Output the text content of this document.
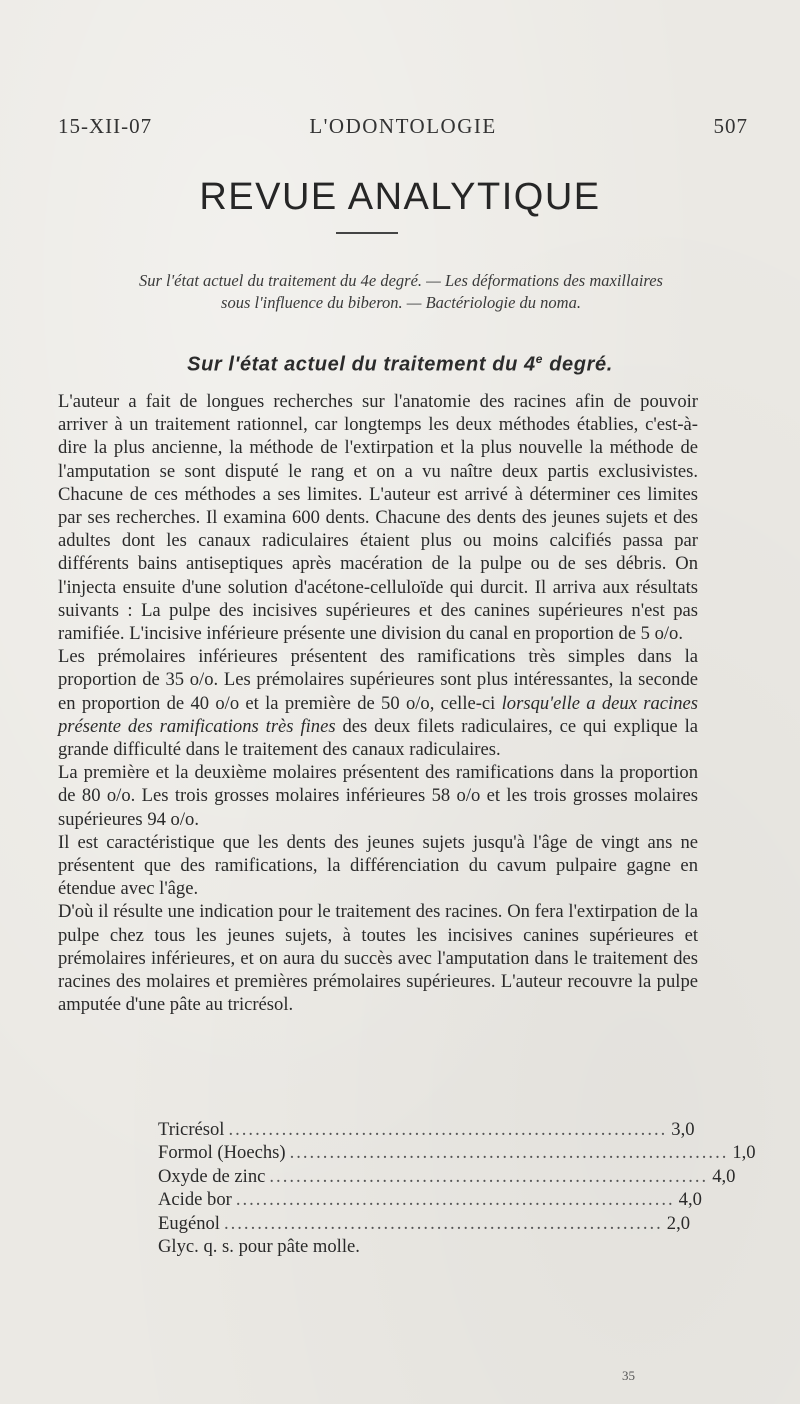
15-XII-07	L'ODONTOLOGIE	507
REVUE ANALYTIQUE

Sur l'état actuel du traitement du 4e degré. — Les déformations des maxillaires

sous l'influence du biberon. — Bactériologie du noma.

Sur l'état actuel du traitement du 4e degré.

L'auteur a fait de longues recherches sur l'anatomie des racines afin de pouvoir arriver à un traitement rationnel, car longtemps les deux méthodes établies, c'est-à-dire la plus ancienne, la méthode de l'extirpation et la plus nouvelle la méthode de l'amputation se sont disputé le rang et on a vu naître deux partis exclusivistes. Chacune de ces méthodes a ses limites. L'auteur est arrivé à déterminer ces limites par ses recherches. Il examina 600 dents. Chacune des dents des jeunes sujets et des adultes dont les canaux radiculaires étaient plus ou moins calcifiés passa par différents bains antiseptiques après macération de la pulpe ou de ses débris. On l'injecta ensuite d'une solution d'acétone-celluloïde qui durcit. Il arriva aux résultats suivants : La pulpe des incisives supérieures et des canines supérieures n'est pas ramifiée. L'incisive inférieure présente une division du canal en proportion de 5 o/o.

Les prémolaires inférieures présentent des ramifications très simples dans la proportion de 35 o/o. Les prémolaires supérieures sont plus intéressantes, la seconde en proportion de 40 o/o et la première de 50 o/o, celle-ci lorsqu'elle a deux racines présente des ramifications très fines des deux filets radiculaires, ce qui explique la grande difficulté dans le traitement des canaux radiculaires.

La première et la deuxième molaires présentent des ramifications dans la proportion de 80 o/o. Les trois grosses molaires inférieures 58 o/o et les trois grosses molaires supérieures 94 o/o.

Il est caractéristique que les dents des jeunes sujets jusqu'à l'âge de vingt ans ne présentent que des ramifications, la différenciation du cavum pulpaire gagne en étendue avec l'âge.

D'où il résulte une indication pour le traitement des racines. On fera l'extirpation de la pulpe chez tous les jeunes sujets, à toutes les incisives canines supérieures et prémolaires inférieures, et on aura du succès avec l'amputation dans le traitement des racines des molaires et premières prémolaires supérieures. L'auteur recouvre la pulpe amputée d'une pâte au tricrésol.

Tricrésol .................................................................. 3,0
Formol (Hoechs) .................................................................. 1,0
Oxyde de zinc .................................................................. 4,0
Acide bor .................................................................. 4,0
Eugénol .................................................................. 2,0
Glyc. q. s. pour pâte molle.
35
